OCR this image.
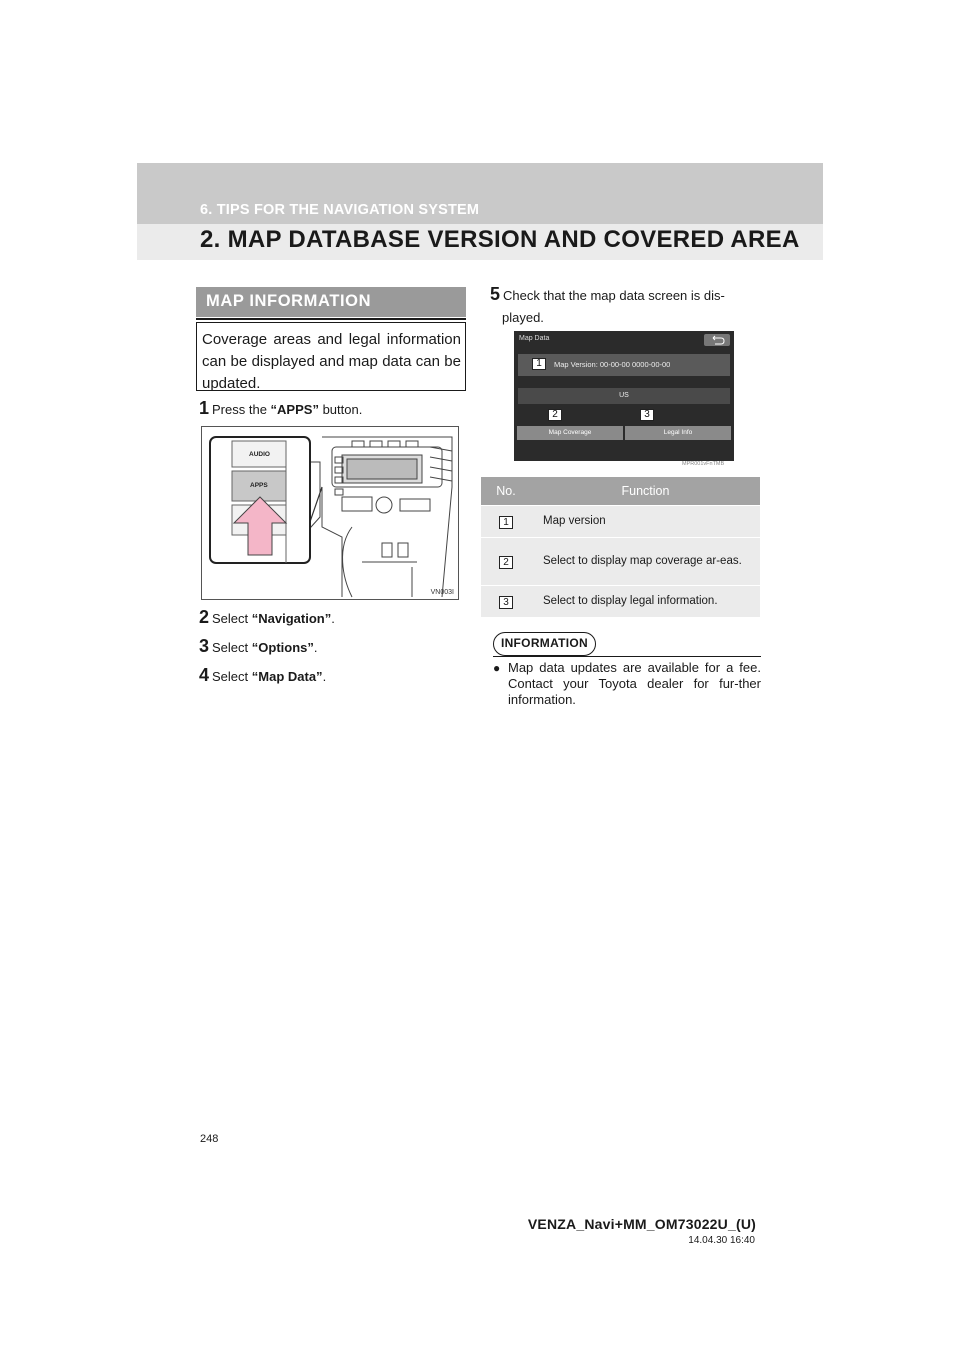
6. TIPS FOR THE NAVIGATION SYSTEM
2. MAP DATABASE VERSION AND COVERED AREA
MAP INFORMATION
Coverage areas and legal information can be displayed and map data can be updated.
1 Press the “APPS” button.
AUDIO
APPS
VN003I
2 Select “Navigation”.
3 Select “Options”.
4 Select “Map Data”.
5 Check that the map data screen is dis-
played.
Map Data
Map Version: 00-00-00 0000-00-00
US
Map Coverage	Legal Info
1
2	3
MPR001vFnTMB
No.	Function
1	Map version
2	Select to display map coverage ar-eas.
3	Select to display legal information.
INFORMATION
● Map data updates are available for a fee. Contact your Toyota dealer for fur-ther information.
248
VENZA_Navi+MM_OM73022U_(U)
14.04.30 16:40
